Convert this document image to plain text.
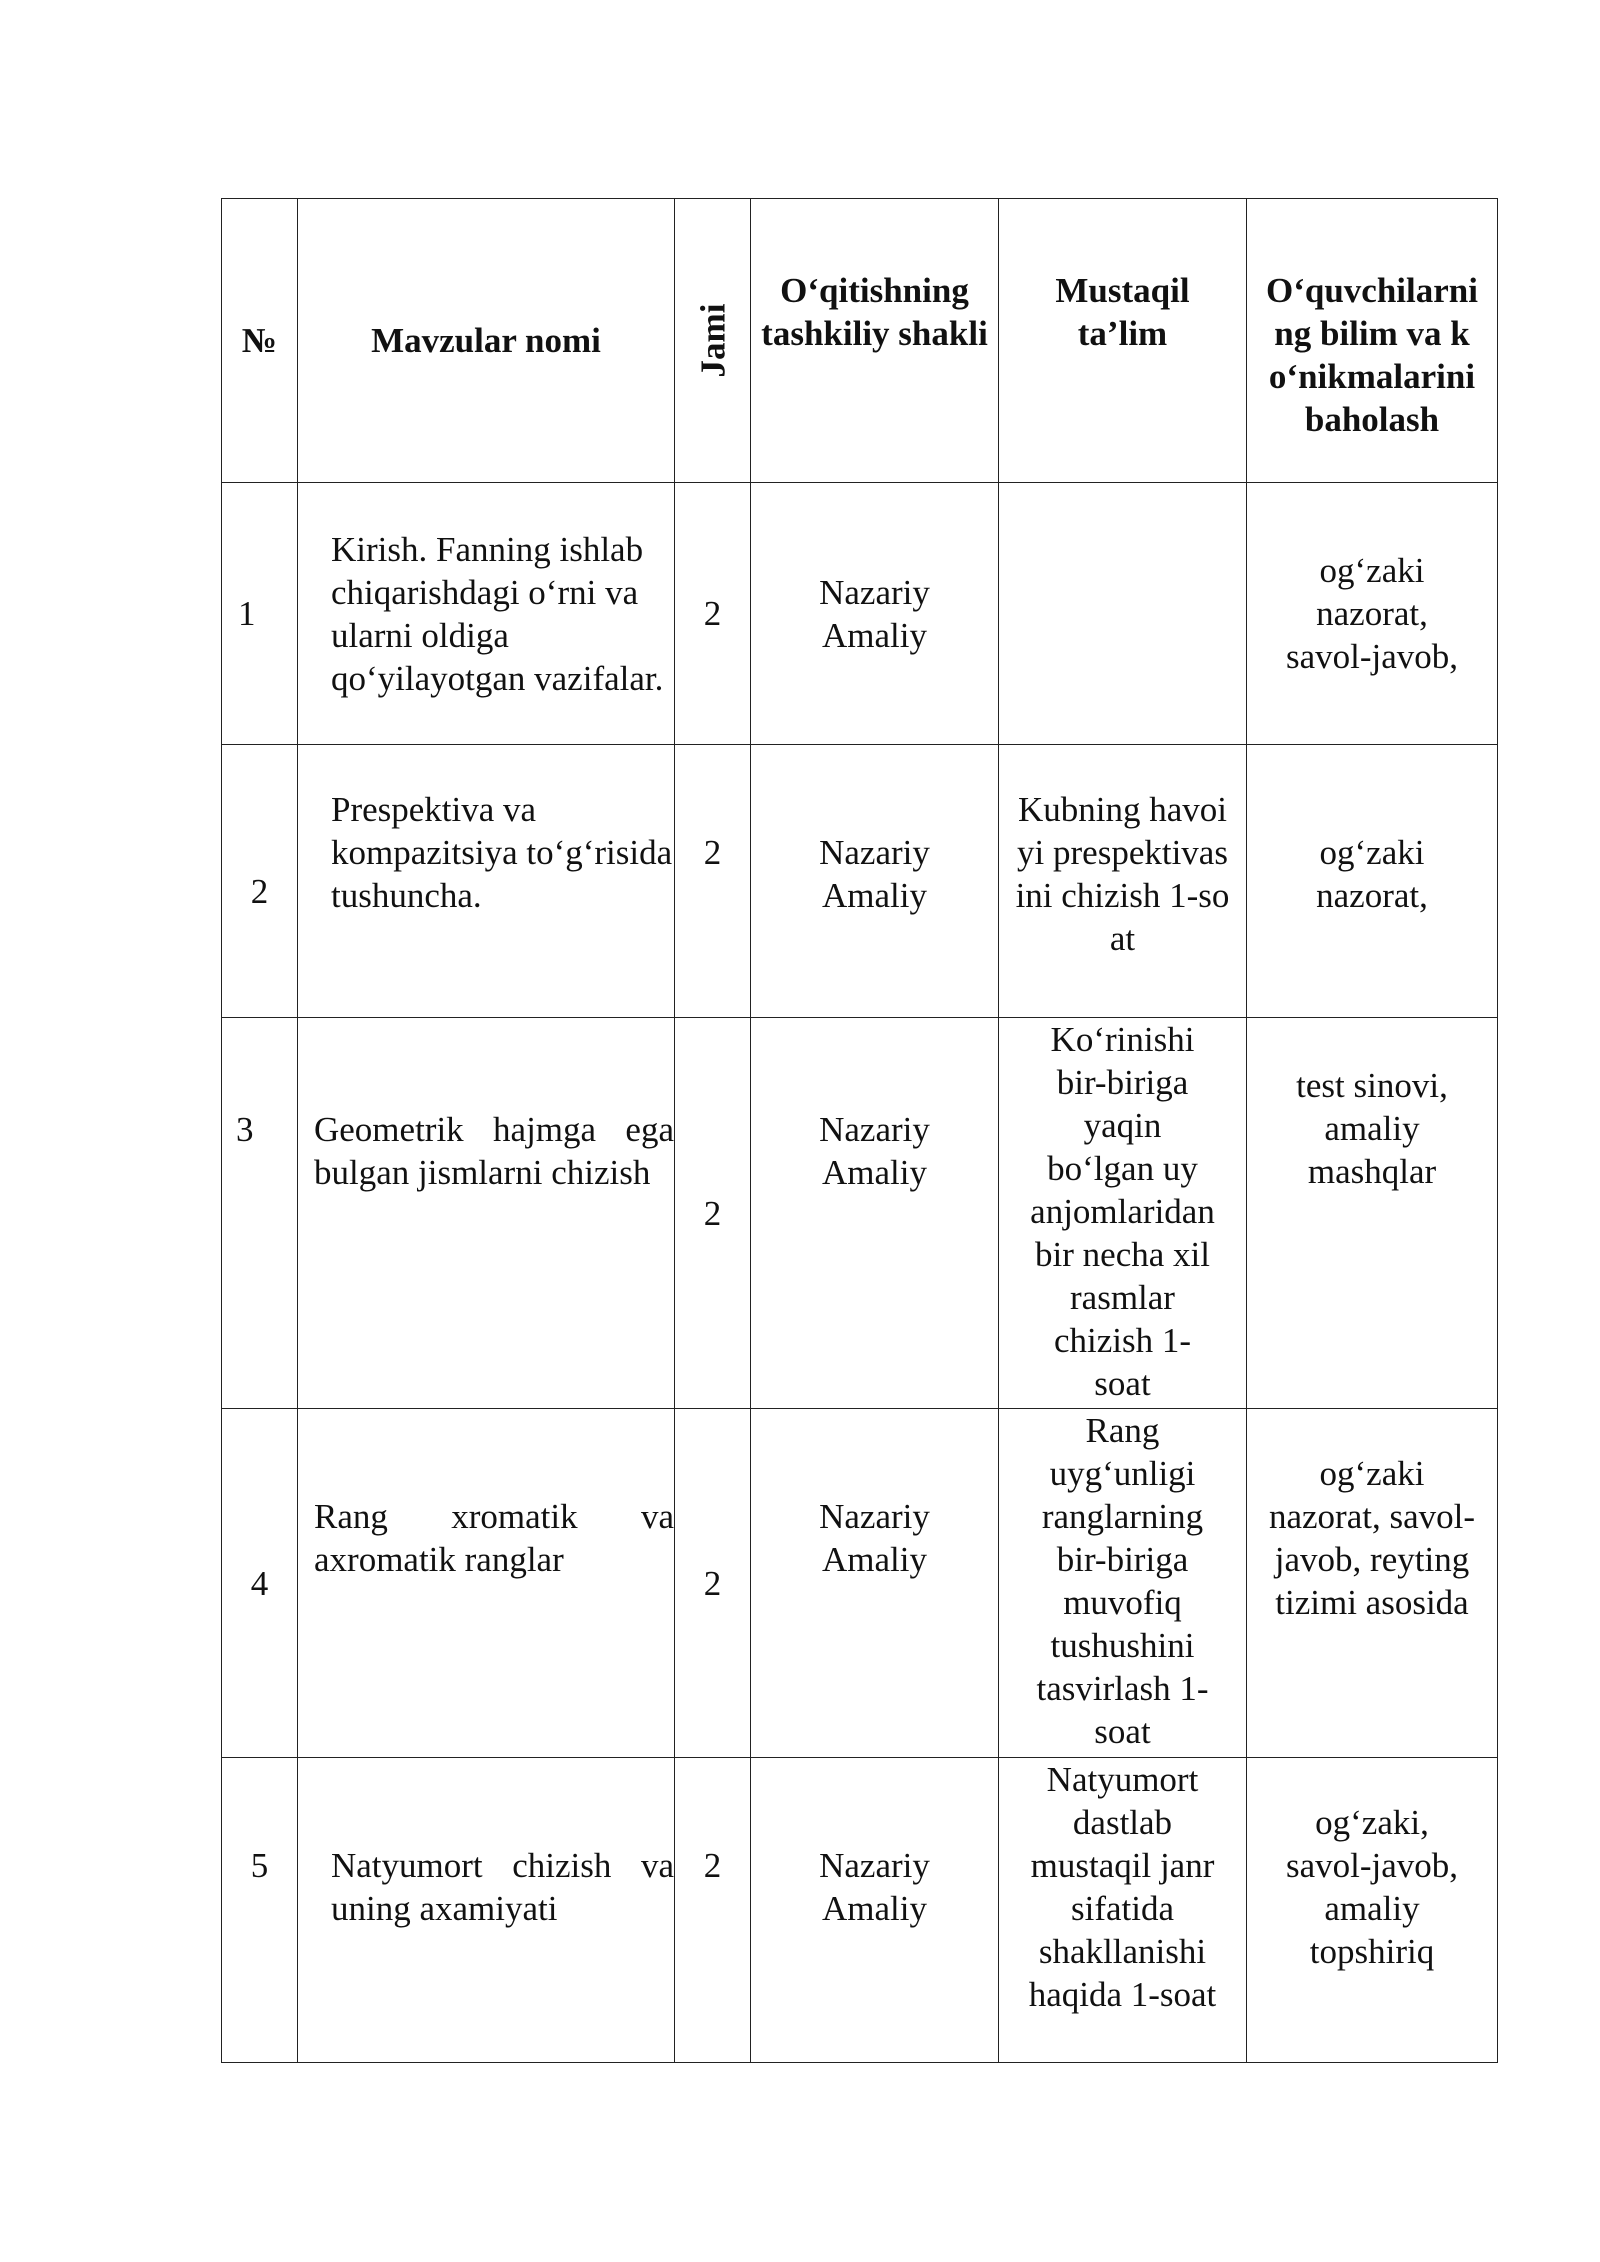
№	Mavzular nomi	Jami	O‘qitishning tashkiliy shakli	Mustaqil ta’lim	O‘quvchilarning bilim va ko‘nikmalarini baholash
1	Kirish. Fanning ishlab chiqarishdagi o‘rni va ularni oldiga qo‘yilayotgan vazifalar.	2	Nazariy Amaliy		og‘zaki nazorat, savol-javob,
2	Prespektiva va kompazitsiya to‘g‘risida tushuncha.	2	Nazariy Amaliy	Kubning havoiyi prespektivasini chizish 1-soat	og‘zaki nazorat,
3	Geometrik hajmga ega bulgan jismlarni chizish	2	Nazariy Amaliy	Ko‘rinishi bir-biriga yaqin bo‘lgan uy anjomlaridan bir necha xil rasmlar chizish 1-soat	test sinovi, amaliy mashqlar
4	Rang xromatik va axromatik ranglar	2	Nazariy Amaliy	Rang uyg‘unligi ranglarning bir-biriga muvofiq tushushini tasvirlash 1-soat	og‘zaki nazorat, savol-javob, reyting tizimi asosida
5	Natyumort chizish va uning axamiyati	2	Nazariy Amaliy	Natyumort dastlab mustaqil janr sifatida shakllanishi haqida 1-soat	og‘zaki, savol-javob, amaliy topshiriq
